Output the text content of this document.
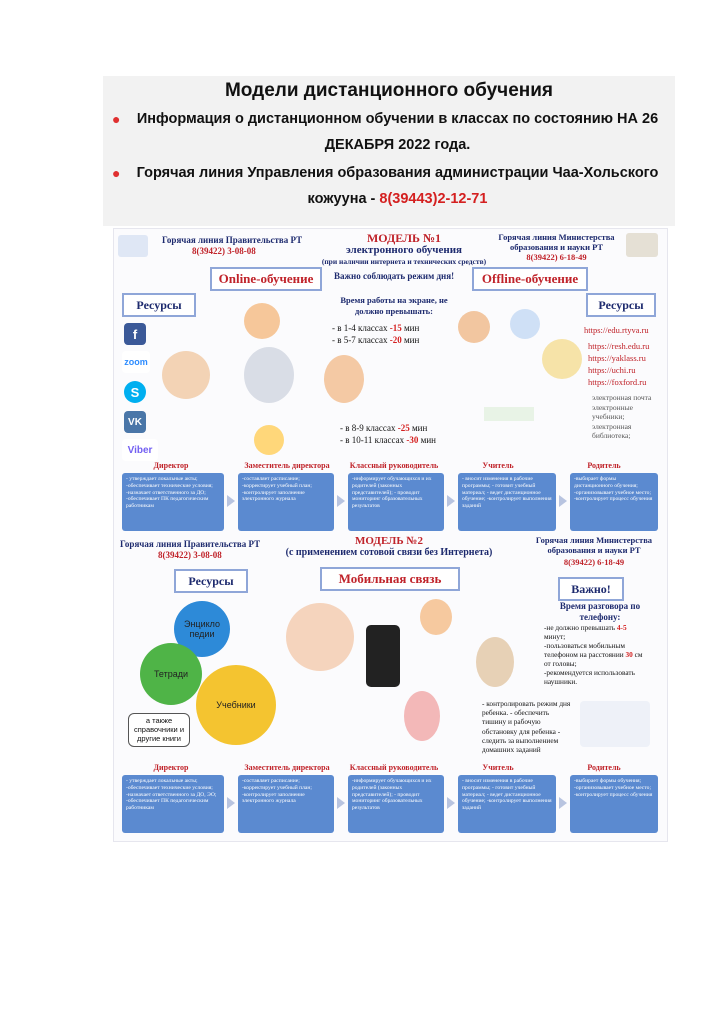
Модели дистанционного обучения
● Информация о дистанционном обучении в классах по состоянию НА 26 ДЕКАБРЯ 2022 года.
● Горячая линия Управления образования администрации Чаа-Хольского кожууна - 8(39443)2-12-71
Горячая линия Правительства РТ
8(39422) 3-08-08
МОДЕЛЬ №1
электронного обучения
(при наличии интернета и технических средств)
Горячая линия Министерства образования и науки РТ
8(39422) 6-18-49
Online-обучение	Важно соблюдать режим дня!	Offline-обучение
Ресурсы	Ресурсы
f
zoom
S
VK
Viber
Время работы на экране, не должно превышать:
- в 1-4 классах -15 мин
- в 5-7 классах -20 мин
- в 8-9 классах -25 мин
- в 10-11 классах -30 мин
https://edu.rtyva.ru
https://resh.edu.ru
https://yaklass.ru
https://uchi.ru
https://foxford.ru
электронная почта электронные учебники; электронная библиотека;
Директор	Заместитель директора	Классный руководитель	Учитель	Родитель
- утверждает локальные акты; -обеспечивает технические условия; -назначает ответственного за ДО; -обеспечивает ПК педагогическим работникам
-составляет расписание; -корректирует учебный план; -контролирует заполнение электронного журнала
-информирует обучающихся и их родителей (законных представителей); - проводит мониторинг образовательных результатов
- вносит изменения в рабочие программы; - готовит учебный материал; - ведет дистанционное обучение; -контролирует выполнения заданий
-выбирает формы дистанционного обучения; -организовывает учебное место; -контролирует процесс обучения
Горячая линия Правительства РТ
8(39422) 3-08-08
МОДЕЛЬ №2
(с применением сотовой связи без Интернета)
Горячая линия Министерства образования и науки РТ
8(39422) 6-18-49
Ресурсы	Мобильная связь
Важно!
Энцикло педии
Тетради
Учебники
а также справочники и другие книги
Время разговора по телефону:
-не должно превышать 4-5 минут;
-пользоваться мобильным телефоном на расстоянии 30 см от головы;
-рекомендуется использовать наушники.
- контролировать режим дня ребенка. - обеспечить тишину и рабочую обстановку для ребенка - следить за выполнением домашних заданий
Директор	Заместитель директора	Классный руководитель	Учитель	Родитель
- утверждает локальные акты; -обеспечивает технические условия; -назначает ответственного за ДО, ЭО; -обеспечивает ПК педагогическим работникам
-составляет расписание; -корректирует учебный план; -контролирует заполнение электронного журнала
-информирует обучающихся и их родителей (законных представителей); - проводит мониторинг образовательных результатов
- вносит изменения в рабочие программы; - готовит учебный материал; - ведет дистанционное обучение; -контролирует выполнения заданий
-выбирает формы обучения; -организовывает учебное место; -контролирует процесс обучения
